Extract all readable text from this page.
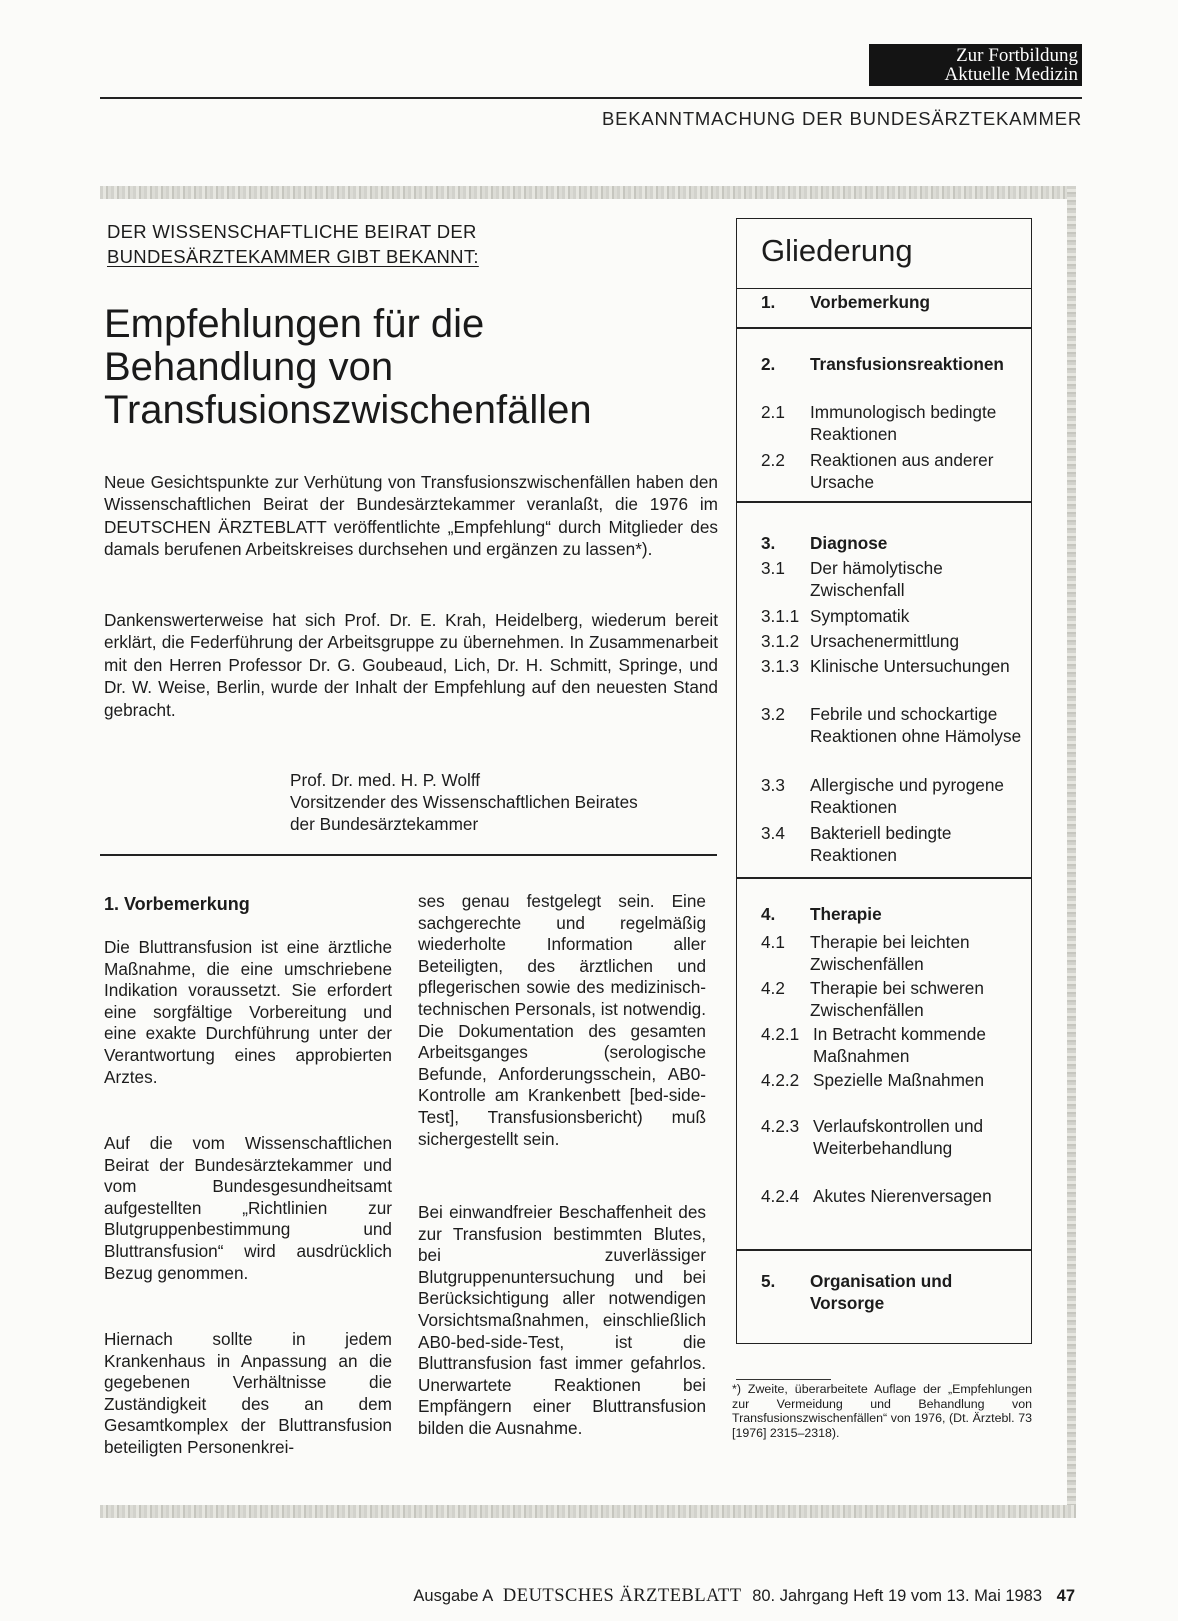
Zur Fortbildung
Aktuelle Medizin
BEKANNTMACHUNG DER BUNDESÄRZTEKAMMER
DER WISSENSCHAFTLICHE BEIRAT DER
BUNDESÄRZTEKAMMER GIBT BEKANNT:
Empfehlungen für die
Behandlung von
Transfusionszwischenfällen

Neue Gesichtspunkte zur Verhütung von Transfusionszwischenfällen haben den Wissenschaftlichen Beirat der Bundesärztekammer veranlaßt, die 1976 im DEUTSCHEN ÄRZTEBLATT veröffentlichte „Empfehlung“ durch Mitglieder des damals berufenen Arbeitskreises durchsehen und ergänzen zu lassen*).

Dankenswerterweise hat sich Prof. Dr. E. Krah, Heidelberg, wiederum bereit erklärt, die Federführung der Arbeitsgruppe zu übernehmen. In Zusammenarbeit mit den Herren Professor Dr. G. Goubeaud, Lich, Dr. H. Schmitt, Springe, und Dr. W. Weise, Berlin, wurde der Inhalt der Empfehlung auf den neuesten Stand gebracht.

Prof. Dr. med. H. P. Wolff
Vorsitzender des Wissenschaftlichen Beirates
der Bundesärztekammer
1. Vorbemerkung

Die Bluttransfusion ist eine ärztliche Maßnahme, die eine umschriebene Indikation voraussetzt. Sie erfordert eine sorgfältige Vorbereitung und eine exakte Durchführung unter der Verantwortung eines approbierten Arztes.

Auf die vom Wissenschaftlichen Beirat der Bundesärztekammer und vom Bundesgesundheitsamt aufgestellten „Richtlinien zur Blutgruppenbestimmung und Bluttransfusion“ wird ausdrücklich Bezug genommen.

Hiernach sollte in jedem Krankenhaus in Anpassung an die gegebenen Verhältnisse die Zuständigkeit des an dem Gesamtkomplex der Bluttransfusion beteiligten Personenkrei-

ses genau festgelegt sein. Eine sachgerechte und regelmäßig wiederholte Information aller Beteiligten, des ärztlichen und pflegerischen sowie des medizinisch-technischen Personals, ist notwendig. Die Dokumentation des gesamten Arbeitsganges (serologische Befunde, Anforderungsschein, AB0-Kontrolle am Krankenbett [bed-side-Test], Transfusionsbericht) muß sichergestellt sein.

Bei einwandfreier Beschaffenheit des zur Transfusion bestimmten Blutes, bei zuverlässiger Blutgruppenuntersuchung und bei Berücksichtigung aller notwendigen Vorsichtsmaßnahmen, einschließlich AB0-bed-side-Test, ist die Bluttransfusion fast immer gefahrlos. Unerwartete Reaktionen bei Empfängern einer Bluttransfusion bilden die Ausnahme.

Gliederung
1. Vorbemerkung
2. Transfusionsreaktionen
2.1 Immunologisch bedingte Reaktionen
2.2 Reaktionen aus anderer Ursache
3. Diagnose
3.1 Der hämolytische Zwischenfall
3.1.1 Symptomatik
3.1.2 Ursachenermittlung
3.1.3 Klinische Untersuchungen
3.2 Febrile und schockartige Reaktionen ohne Hämolyse
3.3 Allergische und pyrogene Reaktionen
3.4 Bakteriell bedingte Reaktionen
4. Therapie
4.1 Therapie bei leichten Zwischenfällen
4.2 Therapie bei schweren Zwischenfällen
4.2.1 In Betracht kommende Maßnahmen
4.2.2 Spezielle Maßnahmen
4.2.3 Verlaufskontrollen und Weiterbehandlung
4.2.4 Akutes Nierenversagen
5. Organisation und Vorsorge

*) Zweite, überarbeitete Auflage der „Empfehlungen zur Vermeidung und Behandlung von Transfusionszwischenfällen“ von 1976, (Dt. Ärztebl. 73 [1976] 2315–2318).

Ausgabe A DEUTSCHES ÄRZTEBLATT 80. Jahrgang Heft 19 vom 13. Mai 1983 47
